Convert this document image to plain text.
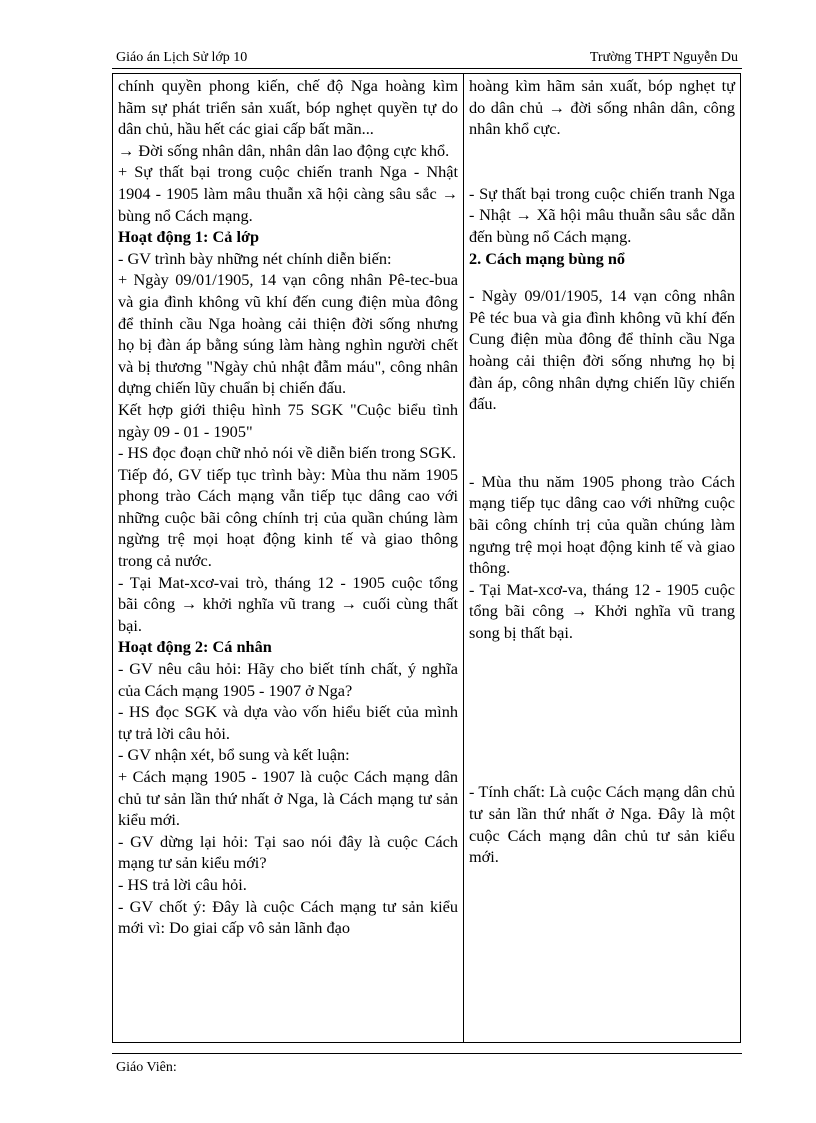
Giáo án Lịch Sử lớp 10	Trường THPT Nguyễn Du

chính quyền phong kiến, chế độ Nga hoàng kìm hãm sự phát triển sản xuất, bóp nghẹt quyền tự do dân chủ, hầu hết các giai cấp bất mãn...

→ Đời sống nhân dân, nhân dân lao động cực khổ.

+ Sự thất bại trong cuộc chiến tranh Nga - Nhật 1904 - 1905 làm mâu thuẫn xã hội càng sâu sắc → bùng nổ Cách mạng.

Hoạt động 1: Cả lớp

- GV trình bày những nét chính diễn biến:

+ Ngày 09/01/1905, 14 vạn công nhân Pê-tec-bua và gia đình không vũ khí đến cung điện mùa đông để thỉnh cầu Nga hoàng cải thiện đời sống nhưng họ bị đàn áp bằng súng làm hàng nghìn người chết và bị thương "Ngày chủ nhật đẫm máu", công nhân dựng chiến lũy chuẩn bị chiến đấu.

Kết hợp giới thiệu hình 75 SGK "Cuộc biểu tình ngày 09 - 01 - 1905"

- HS đọc đoạn chữ nhỏ nói về diễn biến trong SGK.

Tiếp đó, GV tiếp tục trình bày: Mùa thu năm 1905 phong trào Cách mạng vẫn tiếp tục dâng cao với những cuộc bãi công chính trị của quần chúng làm ngừng trệ mọi hoạt động kinh tế và giao thông trong cả nước.

- Tại Mat-xcơ-vai trò, tháng 12 - 1905 cuộc tổng bãi công → khởi nghĩa vũ trang → cuối cùng thất bại.

Hoạt động 2: Cá nhân

- GV nêu câu hỏi: Hãy cho biết tính chất, ý nghĩa của Cách mạng 1905 - 1907 ở Nga?

- HS đọc SGK và dựa vào vốn hiểu biết của mình tự trả lời câu hỏi.

- GV nhận xét, bổ sung và kết luận:

+ Cách mạng 1905 - 1907 là cuộc Cách mạng dân chủ tư sản lần thứ nhất ở Nga, là Cách mạng tư sản kiểu mới.

- GV dừng lại hỏi: Tại sao nói đây là cuộc Cách mạng tư sản kiểu mới?

- HS trả lời câu hỏi.

- GV chốt ý: Đây là cuộc Cách mạng tư sản kiểu mới vì: Do giai cấp vô sản lãnh đạo

hoàng kìm hãm sản xuất, bóp nghẹt tự do dân chủ → đời sống nhân dân, công nhân khổ cực.

- Sự thất bại trong cuộc chiến tranh Nga - Nhật → Xã hội mâu thuẫn sâu sắc dẫn đến bùng nổ Cách mạng.

2. Cách mạng bùng nổ

- Ngày 09/01/1905, 14 vạn công nhân Pê téc bua và gia đình không vũ khí đến Cung điện mùa đông để thỉnh cầu Nga hoàng cải thiện đời sống nhưng họ bị đàn áp, công nhân dựng chiến lũy chiến đấu.

- Mùa thu năm 1905 phong trào Cách mạng tiếp tục dâng cao với những cuộc bãi công chính trị của quần chúng làm ngưng trệ mọi hoạt động kinh tế và giao thông.

- Tại Mat-xcơ-va, tháng 12 - 1905 cuộc tổng bãi công → Khởi nghĩa vũ trang song bị thất bại.

- Tính chất: Là cuộc Cách mạng dân chủ tư sản lần thứ nhất ở Nga. Đây là một cuộc Cách mạng dân chủ tư sản kiểu mới.

Giáo Viên:
